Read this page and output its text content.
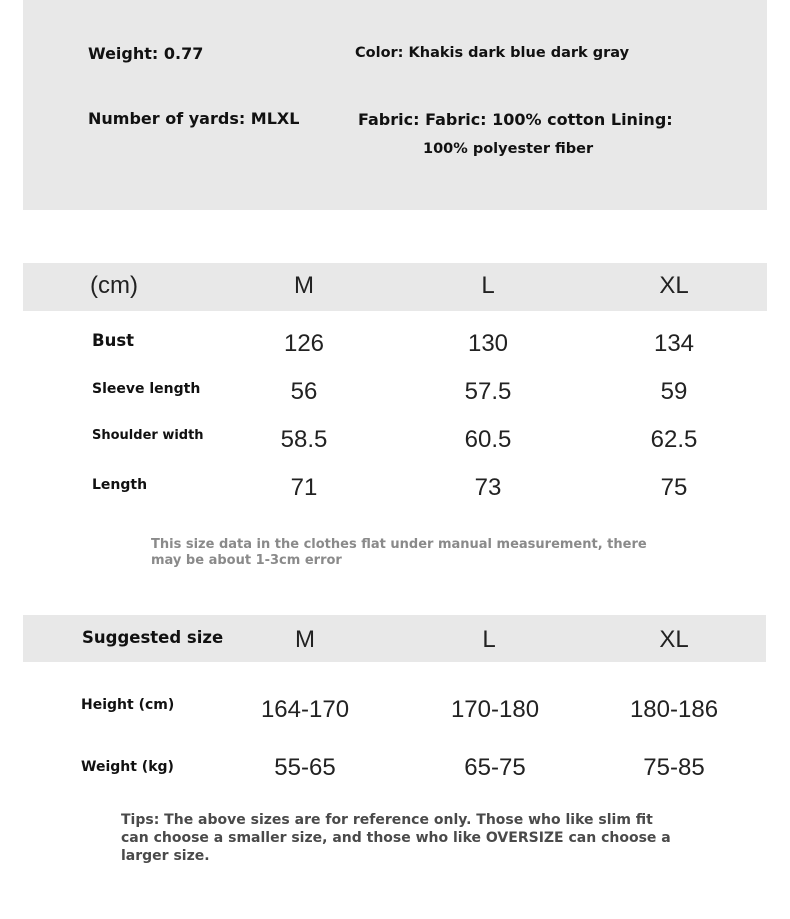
Weight: 0.77	Color: Khakis dark blue dark gray
Number of yards: MLXL	Fabric: Fabric: 100% cotton Lining:
100% polyester fiber
(cm)	M	L	XL
Bust	126	130	134
Sleeve length	56	57.5	59
Shoulder width	58.5	60.5	62.5
Length	71	73	75
This size data in the clothes flat under manual measurement, there may be about 1-3cm error
Suggested size	M	L	XL
Height (cm)	164-170	170-180	180-186
Weight (kg)	55-65	65-75	75-85
Tips: The above sizes are for reference only. Those who like slim fit can choose a smaller size, and those who like OVERSIZE can choose a larger size.
